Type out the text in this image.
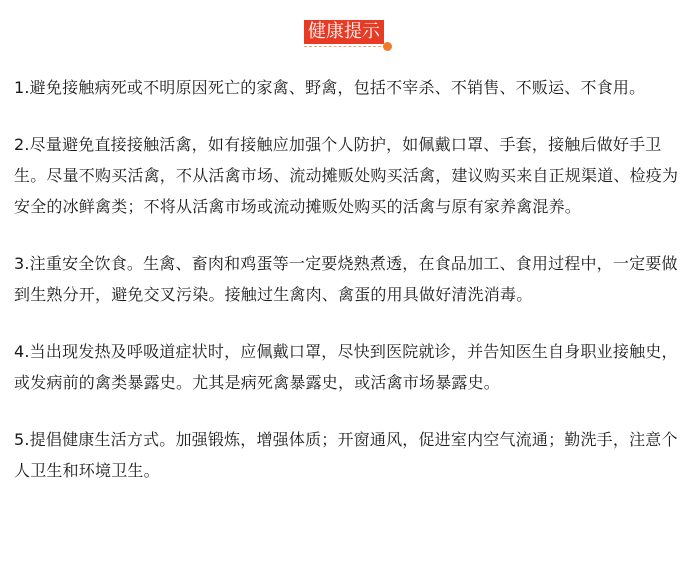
健康提示

1.避免接触病死或不明原因死亡的家禽、野禽，包括不宰杀、不销售、不贩运、不食用。

2.尽量避免直接接触活禽，如有接触应加强个人防护，如佩戴口罩、手套，接触后做好手卫生。尽量不购买活禽，不从活禽市场、流动摊贩处购买活禽，建议购买来自正规渠道、检疫为安全的冰鲜禽类；不将从活禽市场或流动摊贩处购买的活禽与原有家养禽混养。

3.注重安全饮食。生禽、畜肉和鸡蛋等一定要烧熟煮透，在食品加工、食用过程中，一定要做到生熟分开，避免交叉污染。接触过生禽肉、禽蛋的用具做好清洗消毒。

4.当出现发热及呼吸道症状时，应佩戴口罩，尽快到医院就诊，并告知医生自身职业接触史，或发病前的禽类暴露史。尤其是病死禽暴露史，或活禽市场暴露史。

5.提倡健康生活方式。加强锻炼，增强体质；开窗通风，促进室内空气流通；勤洗手，注意个人卫生和环境卫生。
